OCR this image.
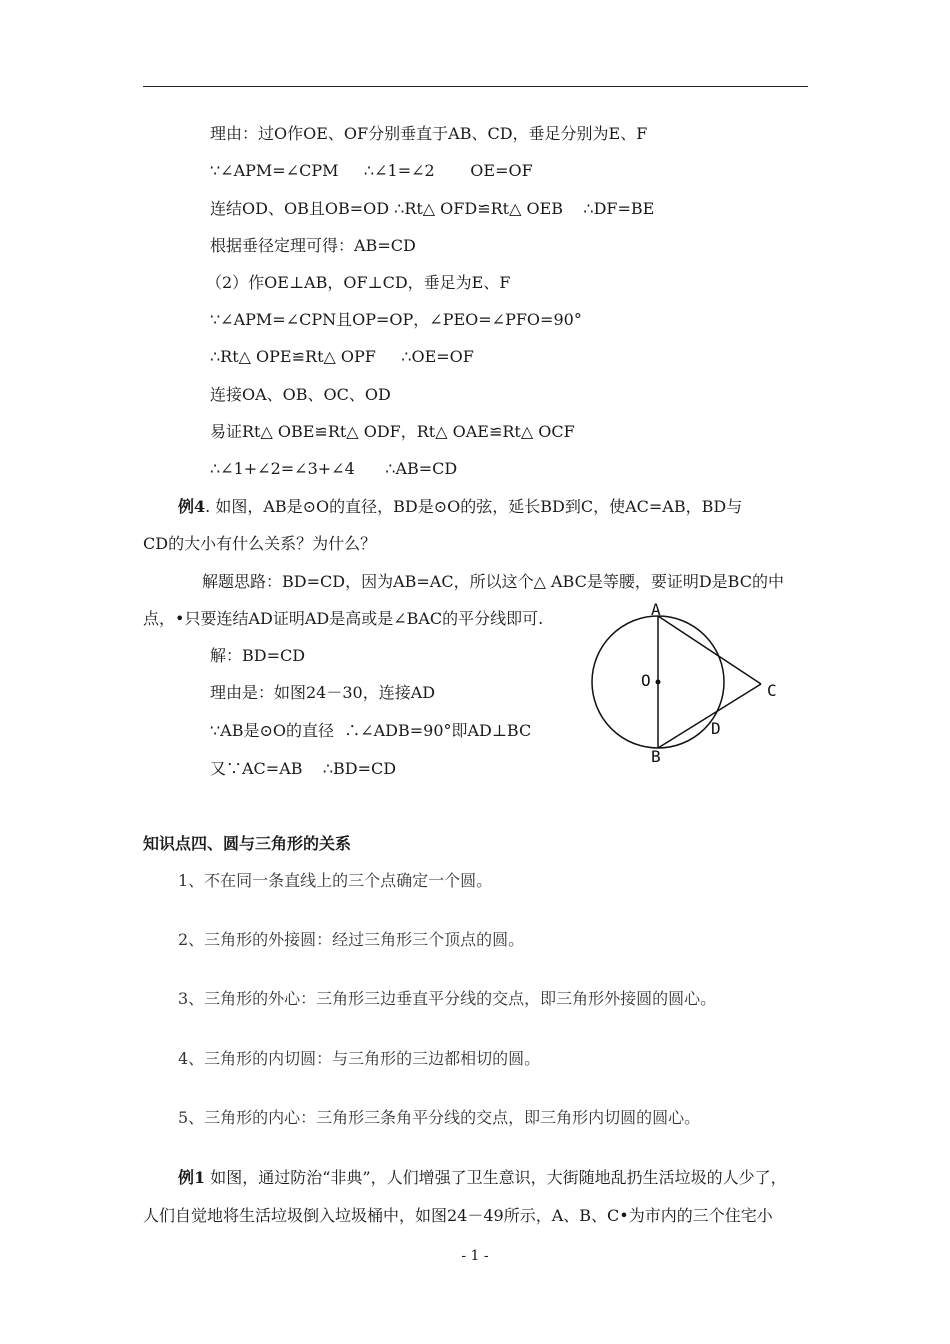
理由：过O作OE、OF分别垂直于AB、CD，垂足分别为E、F
∵∠APM=∠CPM     ∴∠1=∠2       OE=OF
连结OD、OB且OB=OD ∴Rt△ OFD≌Rt△ OEB    ∴DF=BE
根据垂径定理可得：AB=CD
（2）作OE⊥AB，OF⊥CD，垂足为E、F
∵∠APM=∠CPN且OP=OP，∠PEO=∠PFO=90°
∴Rt△ OPE≌Rt△ OPF     ∴OE=OF
连接OA、OB、OC、OD
易证Rt△ OBE≌Rt△ ODF，Rt△ OAE≌Rt△ OCF
∴∠1+∠2=∠3+∠4      ∴AB=CD
例4. 如图，AB是⊙O的直径，BD是⊙O的弦，延长BD到C，使AC=AB，BD与
CD的大小有什么关系？为什么？
解题思路：BD=CD，因为AB=AC，所以这个△ ABC是等腰，要证明D是BC的中
点，•只要连结AD证明AD是高或是∠BAC的平分线即可.
解：BD=CD
理由是：如图24－30，连接AD
∵AB是⊙O的直径  ∴∠ADB=90°即AD⊥BC
又∵AC=AB    ∴BD=CD
A
O
C
D
B
知识点四、圆与三角形的关系
1、不在同一条直线上的三个点确定一个圆。
2、三角形的外接圆：经过三角形三个顶点的圆。
3、三角形的外心：三角形三边垂直平分线的交点，即三角形外接圆的圆心。
4、三角形的内切圆：与三角形的三边都相切的圆。
5、三角形的内心：三角形三条角平分线的交点，即三角形内切圆的圆心。
例1 如图，通过防治“非典”，人们增强了卫生意识，大街随地乱扔生活垃圾的人少了，
人们自觉地将生活垃圾倒入垃圾桶中，如图24－49所示，A、B、C•为市内的三个住宅小
- 1 -
